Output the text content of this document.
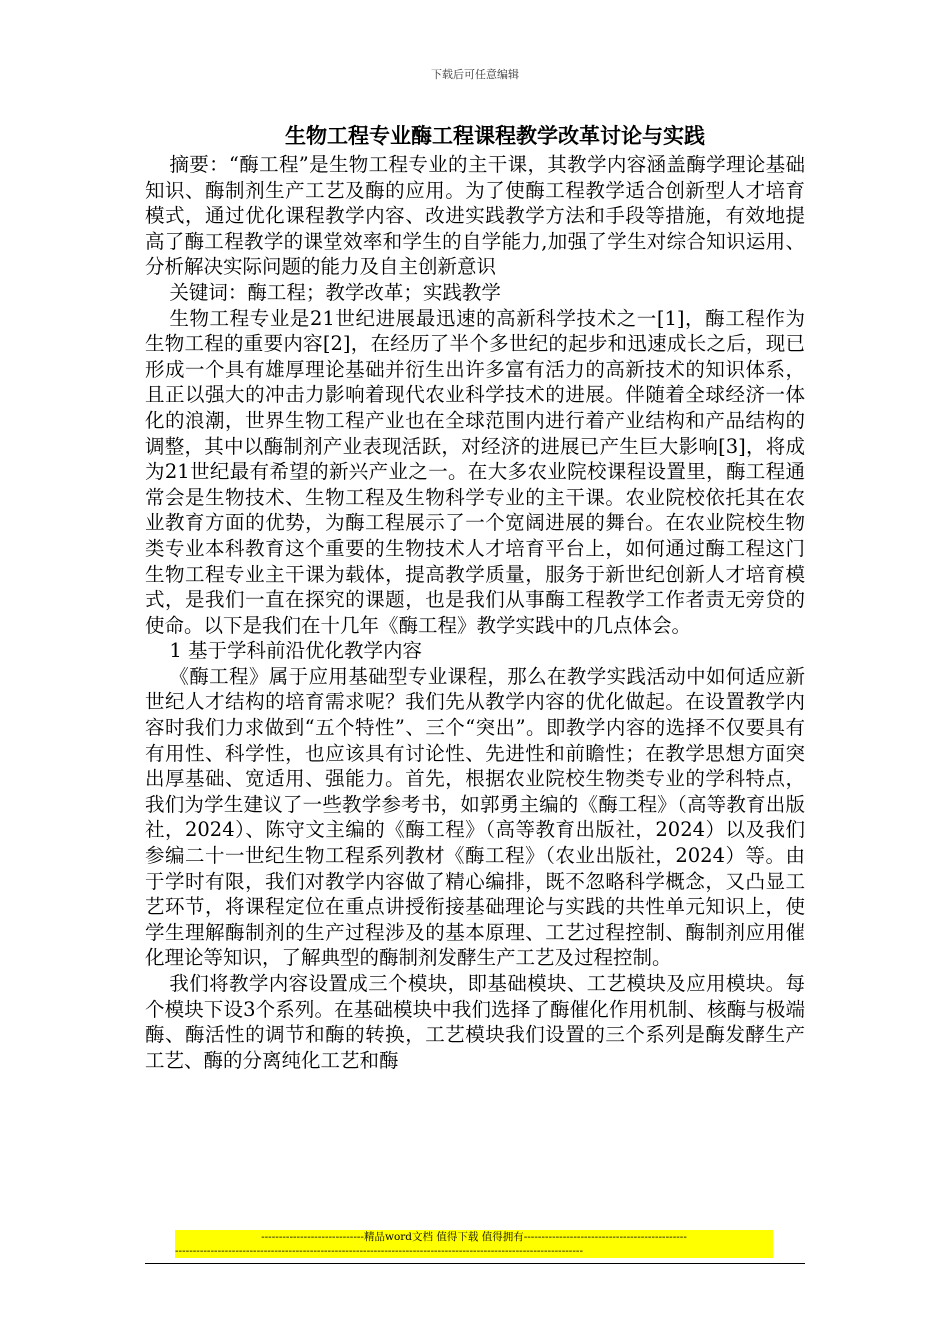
下载后可任意编辑
生物工程专业酶工程课程教学改革讨论与实践

摘要：“酶工程”是生物工程专业的主干课，其教学内容涵盖酶学理论基础知识、酶制剂生产工艺及酶的应用。为了使酶工程教学适合创新型人才培育模式，通过优化课程教学内容、改进实践教学方法和手段等措施，有效地提高了酶工程教学的课堂效率和学生的自学能力,加强了学生对综合知识运用、分析解决实际问题的能力及自主创新意识

关键词：酶工程；教学改革；实践教学

生物工程专业是21世纪进展最迅速的高新科学技术之一[1]，酶工程作为生物工程的重要内容[2]，在经历了半个多世纪的起步和迅速成长之后，现已形成一个具有雄厚理论基础并衍生出许多富有活力的高新技术的知识体系，且正以强大的冲击力影响着现代农业科学技术的进展。伴随着全球经济一体化的浪潮，世界生物工程产业也在全球范围内进行着产业结构和产品结构的调整，其中以酶制剂产业表现活跃，对经济的进展已产生巨大影响[3]，将成为21世纪最有希望的新兴产业之一。在大多农业院校课程设置里，酶工程通常会是生物技术、生物工程及生物科学专业的主干课。农业院校依托其在农业教育方面的优势，为酶工程展示了一个宽阔进展的舞台。在农业院校生物类专业本科教育这个重要的生物技术人才培育平台上，如何通过酶工程这门生物工程专业主干课为载体，提高教学质量，服务于新世纪创新人才培育模式，是我们一直在探究的课题，也是我们从事酶工程教学工作者责无旁贷的使命。以下是我们在十几年《酶工程》教学实践中的几点体会。

1 基于学科前沿优化教学内容

《酶工程》属于应用基础型专业课程，那么在教学实践活动中如何适应新世纪人才结构的培育需求呢？我们先从教学内容的优化做起。在设置教学内容时我们力求做到“五个特性”、三个“突出”。即教学内容的选择不仅要具有有用性、科学性，也应该具有讨论性、先进性和前瞻性；在教学思想方面突出厚基础、宽适用、强能力。首先，根据农业院校生物类专业的学科特点，我们为学生建议了一些教学参考书，如郭勇主编的《酶工程》（高等教育出版社，2024）、陈守文主编的《酶工程》（高等教育出版社，2024）以及我们参编二十一世纪生物工程系列教材《酶工程》（农业出版社，2024）等。由于学时有限，我们对教学内容做了精心编排，既不忽略科学概念，又凸显工艺环节，将课程定位在重点讲授衔接基础理论与实践的共性单元知识上，使学生理解酶制剂的生产过程涉及的基本原理、工艺过程控制、酶制剂应用催化理论等知识，了解典型的酶制剂发酵生产工艺及过程控制。

我们将教学内容设置成三个模块，即基础模块、工艺模块及应用模块。每个模块下设3个系列。在基础模块中我们选择了酶催化作用机制、核酶与极端酶、酶活性的调节和酶的转换，工艺模块我们设置的三个系列是酶发酵生产工艺、酶的分离纯化工艺和酶

-----------------------------精品word文档 值得下载 值得拥有----------------------------------------------
-------------------------------------------------------------------------------------------------------------------
